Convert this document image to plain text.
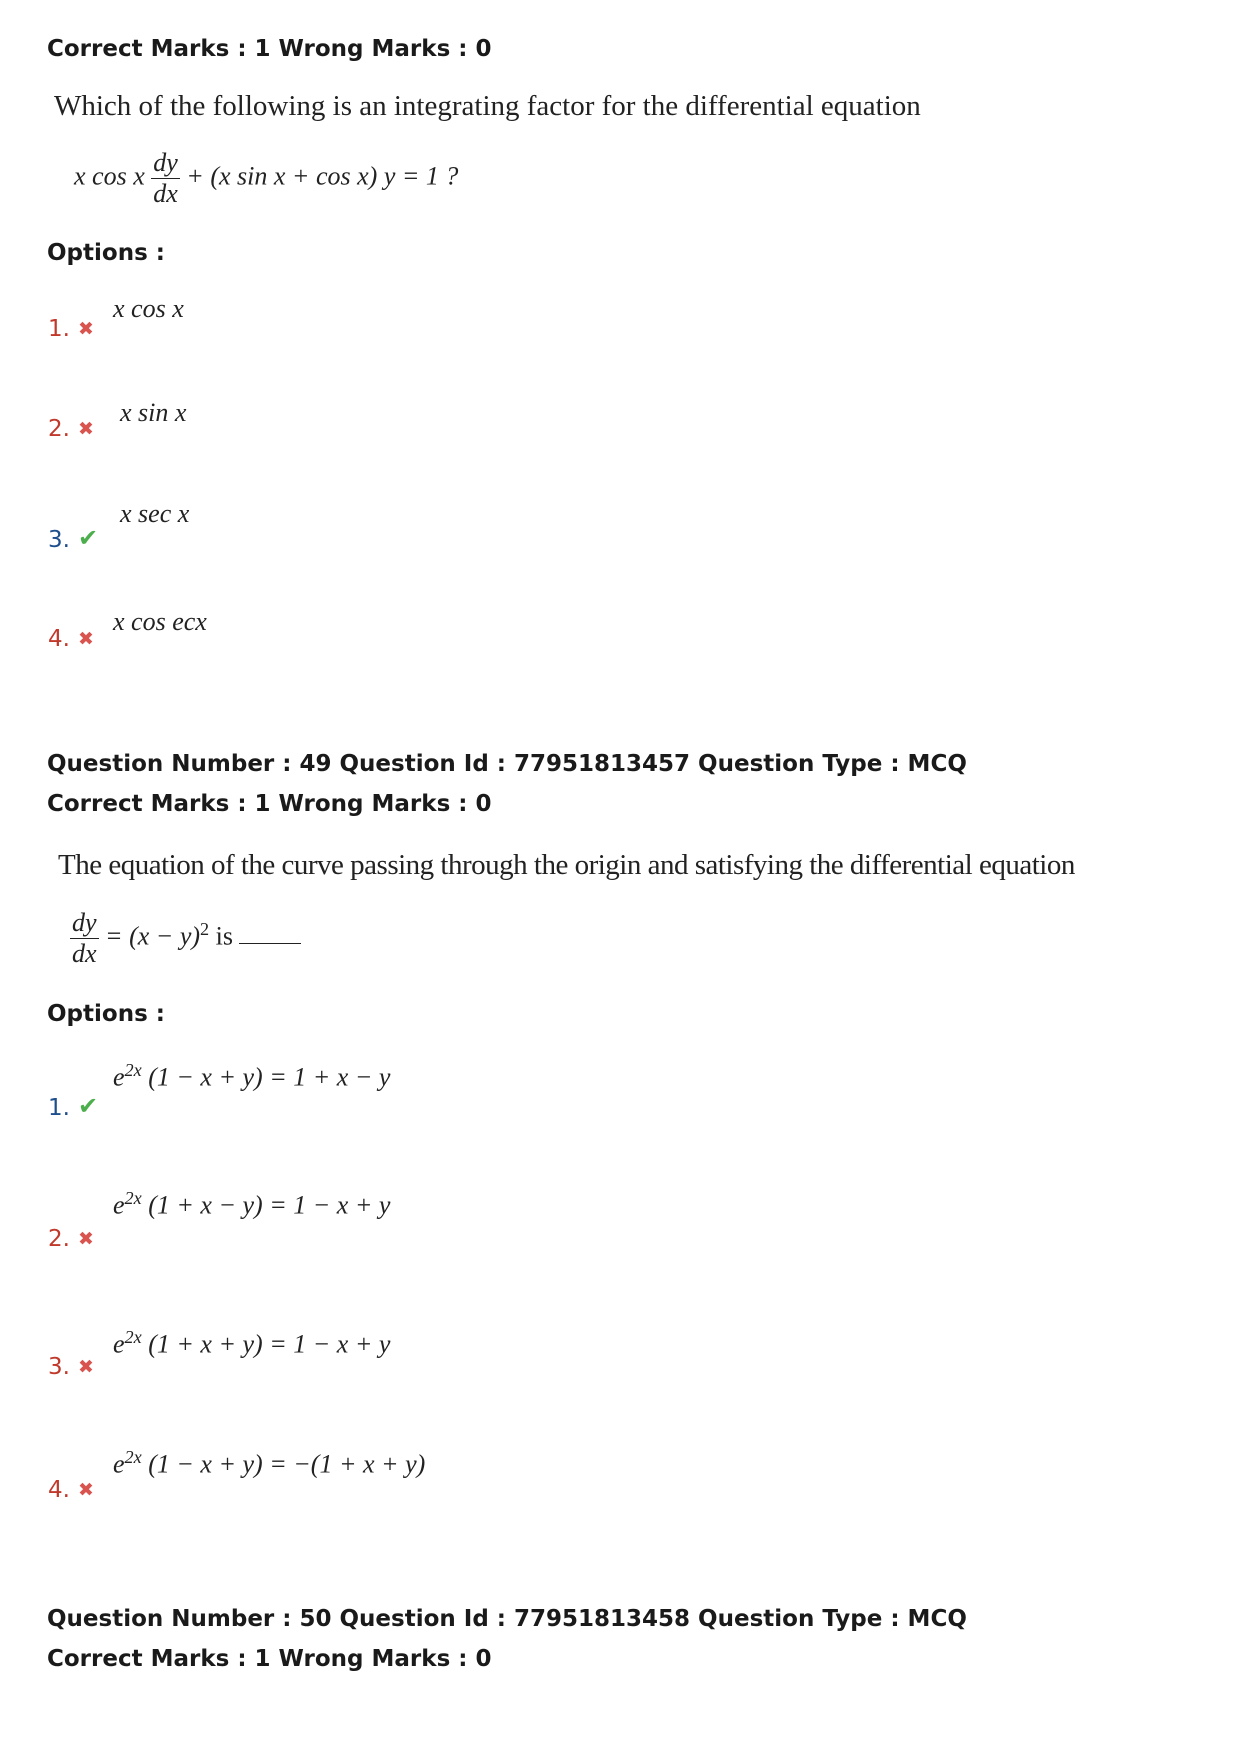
Correct Marks : 1 Wrong Marks : 0
Which of the following is an integrating factor for the differential equation
x cos x $\frac{dy}{dx} + (x$ sin x + cos x) y = 1 ?
Options :
1. ✖
x cos x
2. ✖
x sin x
3. ✔
x sec x
4. ✖
x cos ecx
Question Number : 49 Question Id : 77951813457 Question Type : MCQ
Correct Marks : 1 Wrong Marks : 0
The equation of the curve passing through the origin and satisfying the differential equation
$\frac{dy}{dx} = (x - y)^2$ is
Options :
1. ✔
$e^{2x}$ (1 − x + y) = 1 + x − y
2. ✖
$e^{2x}$ (1 + x − y) = 1 − x + y
3. ✖
$e^{2x}$ (1 + x + y) = 1 − x + y
4. ✖
$e^{2x}$ (1 − x + y) = −(1 + x + y)
Question Number : 50 Question Id : 77951813458 Question Type : MCQ
Correct Marks : 1 Wrong Marks : 0
